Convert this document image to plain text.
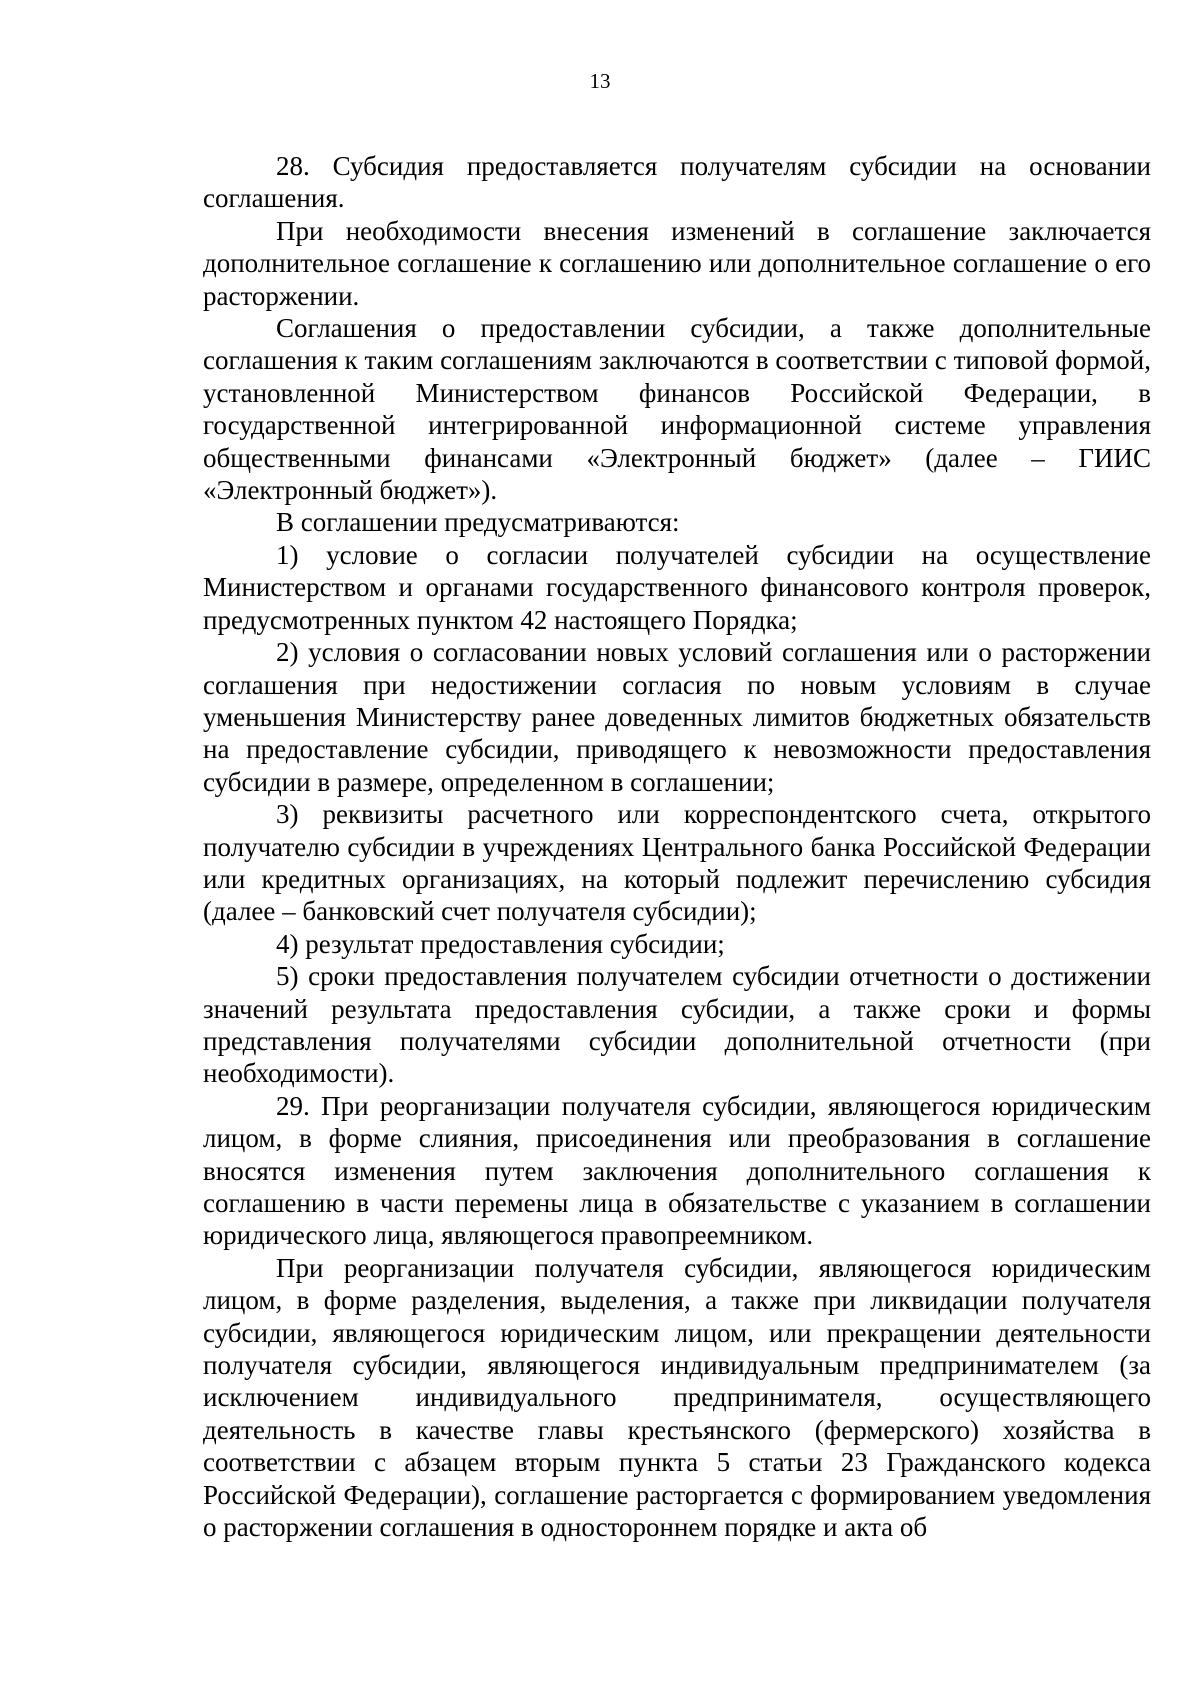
13

28. Субсидия предоставляется получателям субсидии на основании соглашения.

При необходимости внесения изменений в соглашение заключается дополнительное соглашение к соглашению или дополнительное соглашение о его расторжении.

Соглашения о предоставлении субсидии, а также дополнительные соглашения к таким соглашениям заключаются в соответствии с типовой формой, установленной Министерством финансов Российской Федерации, в государственной интегрированной информационной системе управления общественными финансами «Электронный бюджет» (далее – ГИИС «Электронный бюджет»).

В соглашении предусматриваются:

1) условие о согласии получателей субсидии на осуществление Министерством и органами государственного финансового контроля проверок, предусмотренных пунктом 42 настоящего Порядка;

2) условия о согласовании новых условий соглашения или о расторжении соглашения при недостижении согласия по новым условиям в случае уменьшения Министерству ранее доведенных лимитов бюджетных обязательств на предоставление субсидии, приводящего к невозможности предоставления субсидии в размере, определенном в соглашении;

3) реквизиты расчетного или корреспондентского счета, открытого получателю субсидии в учреждениях Центрального банка Российской Федерации или кредитных организациях, на который подлежит перечислению субсидия (далее – банковский счет получателя субсидии);

4) результат предоставления субсидии;

5) сроки предоставления получателем субсидии отчетности о достижении значений результата предоставления субсидии, а также сроки и формы представления получателями субсидии дополнительной отчетности (при необходимости).

29. При реорганизации получателя субсидии, являющегося юридическим лицом, в форме слияния, присоединения или преобразования в соглашение вносятся изменения путем заключения дополнительного соглашения к соглашению в части перемены лица в обязательстве с указанием в соглашении юридического лица, являющегося правопреемником.

При реорганизации получателя субсидии, являющегося юридическим лицом, в форме разделения, выделения, а также при ликвидации получателя субсидии, являющегося юридическим лицом, или прекращении деятельности получателя субсидии, являющегося индивидуальным предпринимателем (за исключением индивидуального предпринимателя, осуществляющего деятельность в качестве главы крестьянского (фермерского) хозяйства в соответствии с абзацем вторым пункта 5 статьи 23 Гражданского кодекса Российской Федерации), соглашение расторгается с формированием уведомления о расторжении соглашения в одностороннем порядке и акта об
